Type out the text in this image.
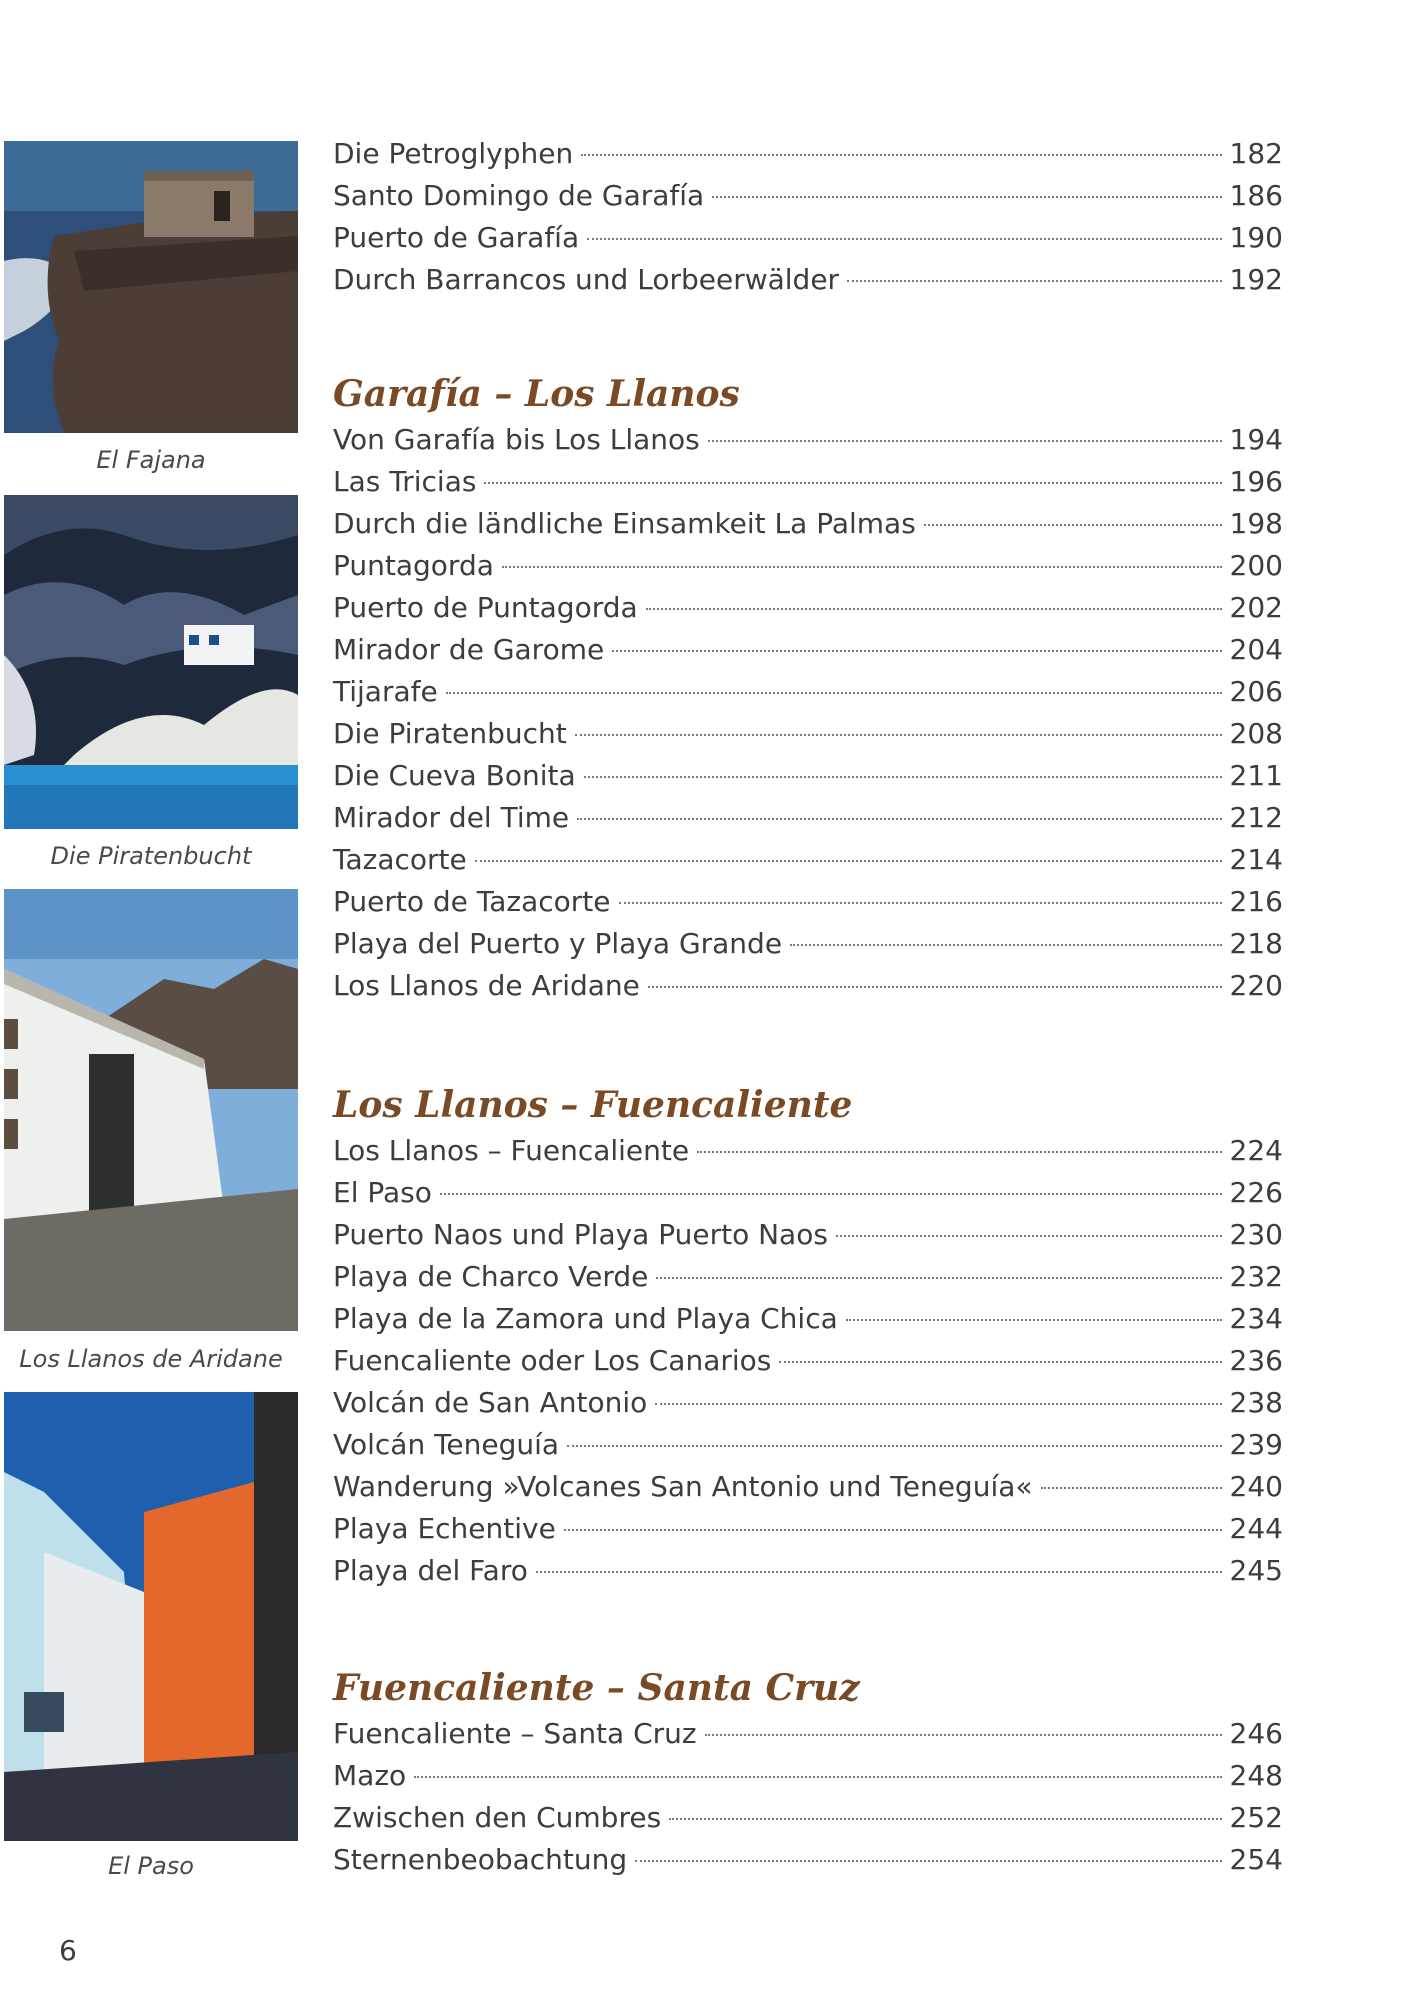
El Fajana
Die Piratenbucht
Los Llanos de Aridane
El Paso
Die Petroglyphen	182
Santo Domingo de Garafía	186
Puerto de Garafía	190
Durch Barrancos und Lorbeerwälder	192
Garafía – Los Llanos
Von Garafía bis Los Llanos	194
Las Tricias	196
Durch die ländliche Einsamkeit La Palmas	198
Puntagorda	200
Puerto de Puntagorda	202
Mirador de Garome	204
Tijarafe	206
Die Piratenbucht	208
Die Cueva Bonita	211
Mirador del Time	212
Tazacorte	214
Puerto de Tazacorte	216
Playa del Puerto y Playa Grande	218
Los Llanos de Aridane	220
Los Llanos – Fuencaliente
Los Llanos – Fuencaliente	224
El Paso	226
Puerto Naos und Playa Puerto Naos	230
Playa de Charco Verde	232
Playa de la Zamora und Playa Chica	234
Fuencaliente oder Los Canarios	236
Volcán de San Antonio	238
Volcán Teneguía	239
Wanderung »Volcanes San Antonio und Teneguía«	240
Playa Echentive	244
Playa del Faro	245
Fuencaliente – Santa Cruz
Fuencaliente – Santa Cruz	246
Mazo	248
Zwischen den Cumbres	252
Sternenbeobachtung	254
6
